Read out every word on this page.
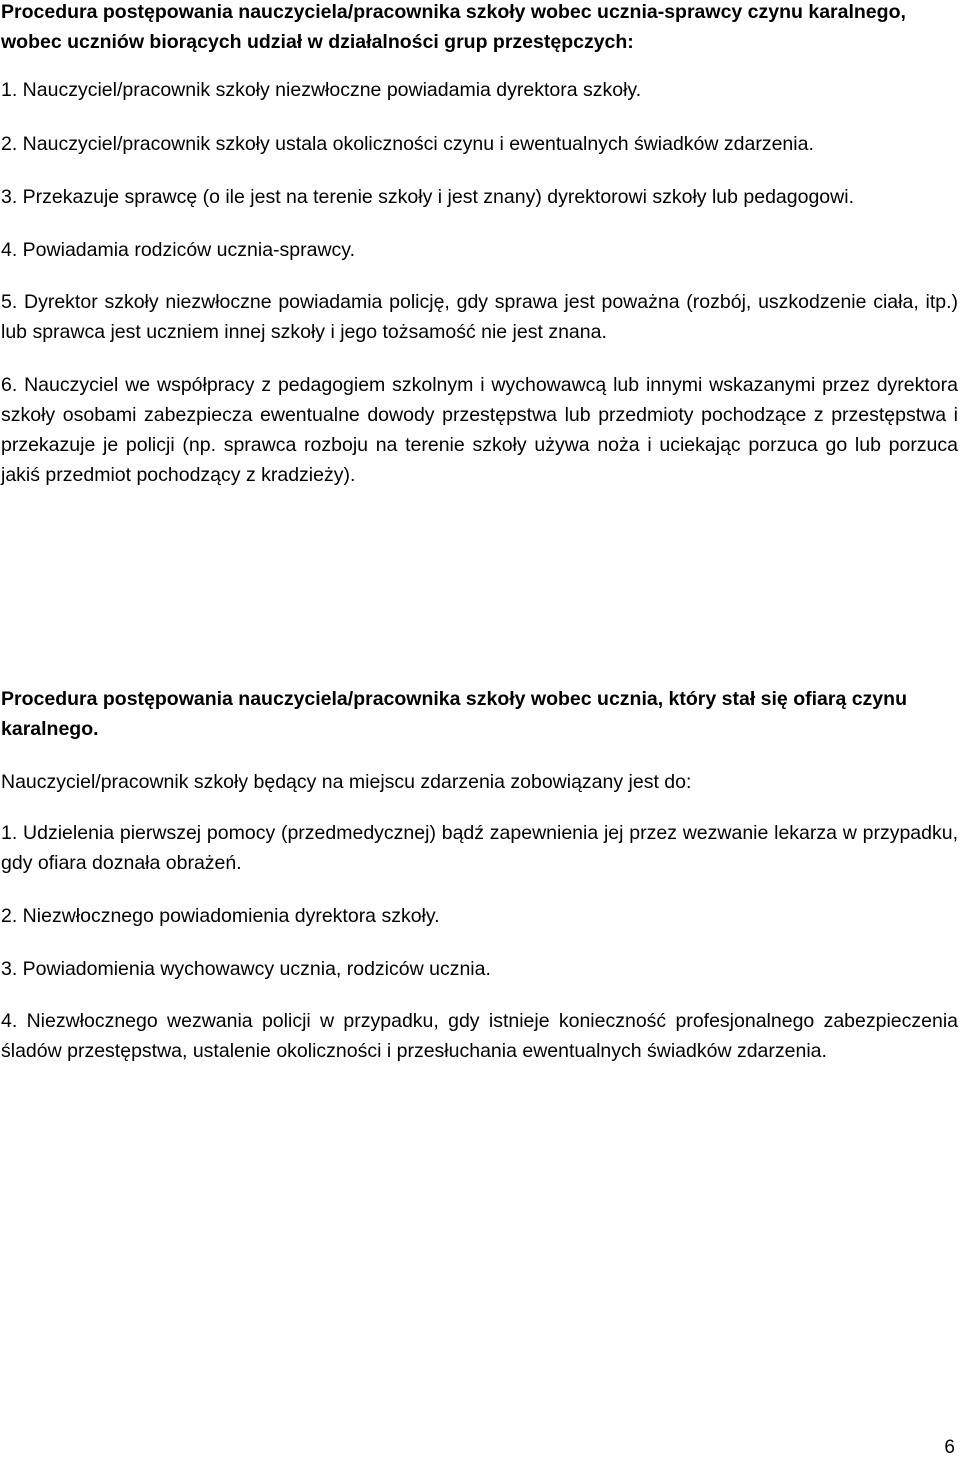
Procedura postępowania nauczyciela/pracownika szkoły wobec ucznia-sprawcy czynu karalnego, wobec uczniów biorących udział w działalności grup przestępczych:

1. Nauczyciel/pracownik szkoły niezwłoczne powiadamia dyrektora szkoły.

2. Nauczyciel/pracownik szkoły ustala okoliczności czynu i ewentualnych świadków zdarzenia.

3. Przekazuje sprawcę (o ile jest na terenie szkoły i jest znany) dyrektorowi szkoły lub pedagogowi.

4. Powiadamia rodziców ucznia-sprawcy.

5. Dyrektor szkoły niezwłoczne powiadamia policję, gdy sprawa jest poważna (rozbój, uszkodzenie ciała, itp.) lub sprawca jest uczniem innej szkoły i jego tożsamość nie jest znana.

6. Nauczyciel we współpracy z pedagogiem szkolnym i wychowawcą lub innymi wskazanymi przez dyrektora szkoły osobami zabezpiecza ewentualne dowody przestępstwa lub przedmioty pochodzące z przestępstwa i przekazuje je policji (np. sprawca rozboju na terenie szkoły używa noża i uciekając porzuca go lub porzuca jakiś przedmiot pochodzący z kradzieży).

Procedura postępowania nauczyciela/pracownika szkoły wobec ucznia, który stał się ofiarą czynu karalnego.

Nauczyciel/pracownik szkoły będący na miejscu zdarzenia zobowiązany jest do:

1. Udzielenia pierwszej pomocy (przedmedycznej) bądź zapewnienia jej przez wezwanie lekarza w przypadku, gdy ofiara doznała obrażeń.

2. Niezwłocznego powiadomienia dyrektora szkoły.

3. Powiadomienia wychowawcy ucznia, rodziców ucznia.

4. Niezwłocznego wezwania policji w przypadku, gdy istnieje konieczność profesjonalnego zabezpieczenia śladów przestępstwa, ustalenie okoliczności i przesłuchania ewentualnych świadków zdarzenia.

6
